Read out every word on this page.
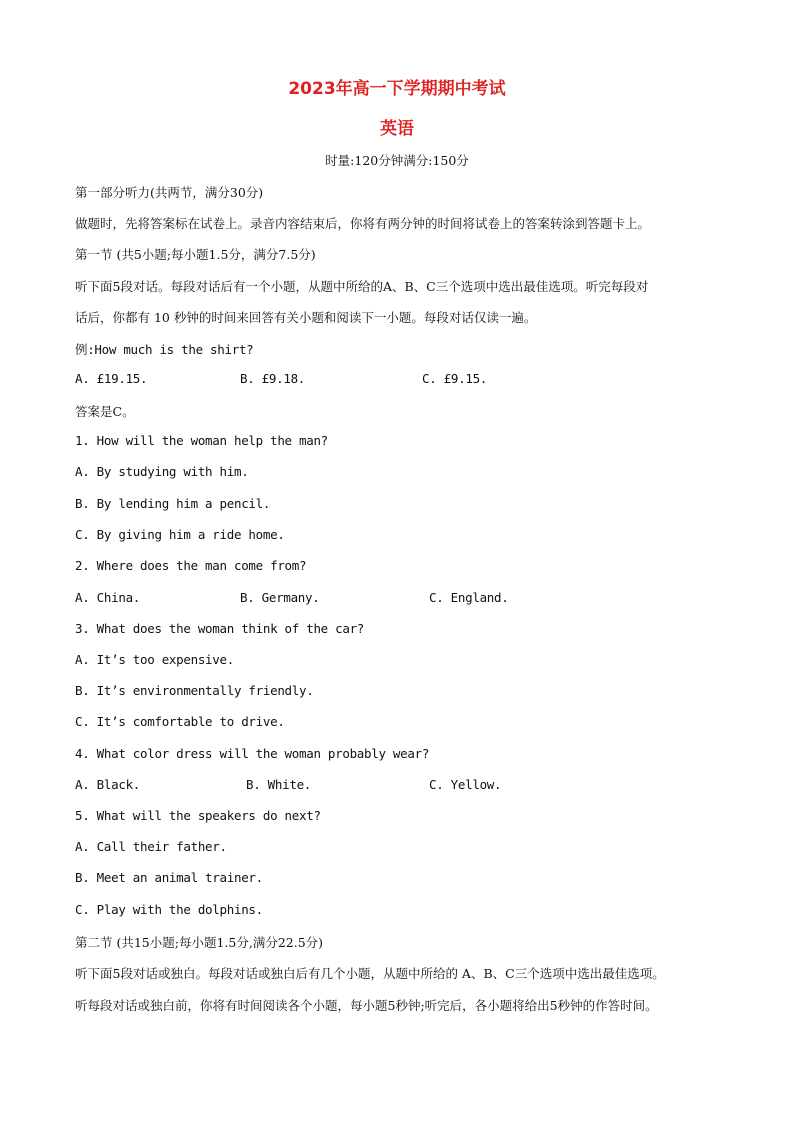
2023年高一下学期期中考试
英语
时量:120分钟满分:150分
第一部分听力(共两节，满分30分)
做题时，先将答案标在试卷上。录音内容结束后，你将有两分钟的时间将试卷上的答案转涂到答题卡上。
第一节 (共5小题;每小题1.5分，满分7.5分)
听下面5段对话。每段对话后有一个小题，从题中所给的A、B、C三个选项中选出最佳选项。听完每段对
话后，你都有 10 秒钟的时间来回答有关小题和阅读下一小题。每段对话仅读一遍。
例:How much is the shirt?
A. £19.15.	B. £9.18.	C. £9.15.
答案是C。
1. How will the woman help the man?
A. By studying with him.
B. By lending him a pencil.
C. By giving him a ride home.
2. Where does the man come from?
A. China.	B. Germany.	C. England.
3. What does the woman think of the car?
A. It’s too expensive.
B. It’s environmentally friendly.
C. It’s comfortable to drive.
4. What color dress will the woman probably wear?
A. Black.	B. White.	C. Yellow.
5. What will the speakers do next?
A. Call their father.
B. Meet an animal trainer.
C. Play with the dolphins.
第二节 (共15小题;每小题1.5分,满分22.5分)
听下面5段对话或独白。每段对话或独白后有几个小题，从题中所给的 A、B、C三个选项中选出最佳选项。
听每段对话或独白前，你将有时间阅读各个小题，每小题5秒钟;听完后，各小题将给出5秒钟的作答时间。
